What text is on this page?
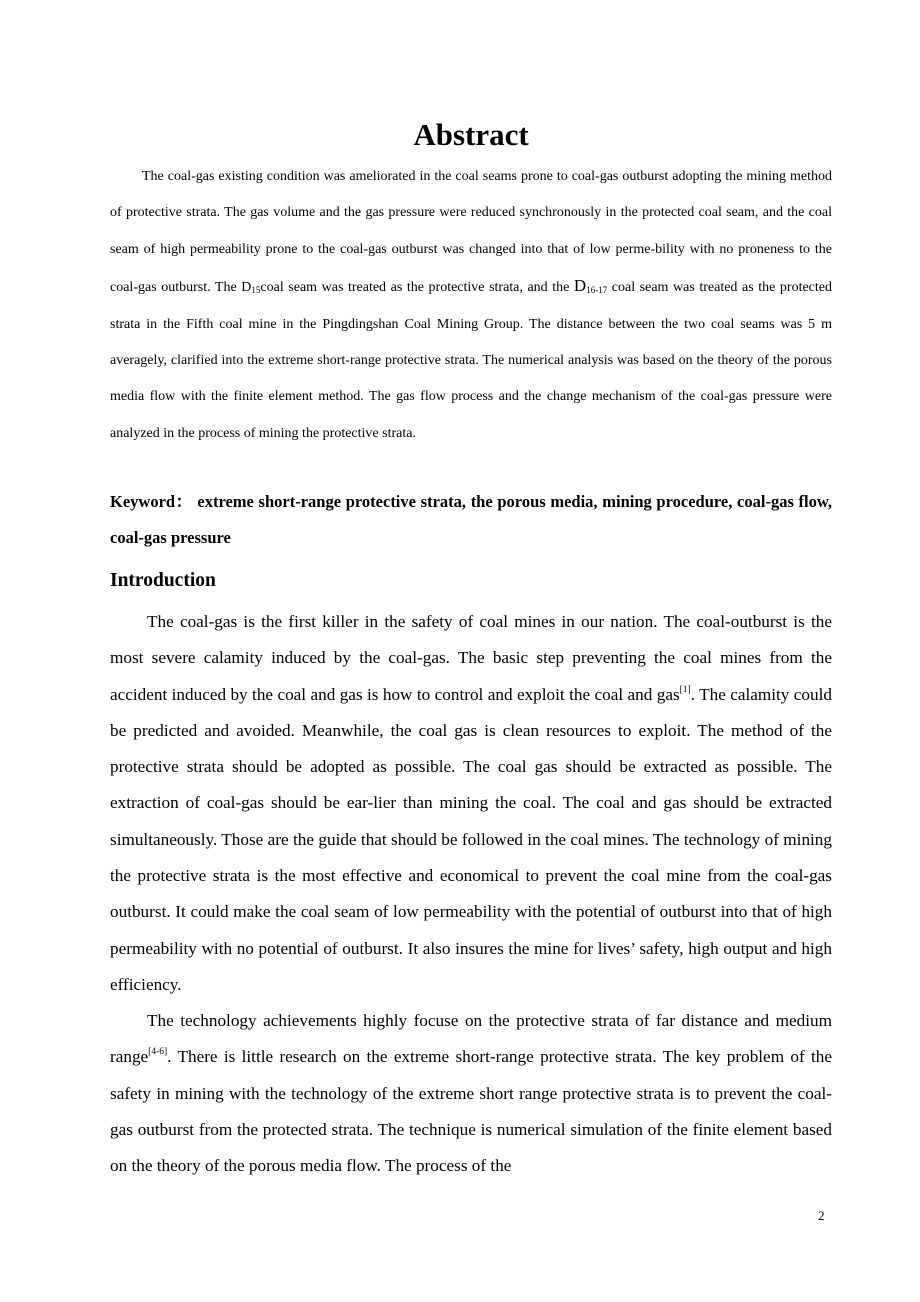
Abstract

The coal-gas existing condition was ameliorated in the coal seams prone to coal-gas outburst adopting the mining method of protective strata. The gas volume and the gas pressure were reduced synchronously in the protected coal seam, and the coal seam of high permeability prone to the coal-gas outburst was changed into that of low perme-bility with no proneness to the coal-gas outburst. The $D_{15}coal$ seam was treated as the protective strata, and the $D_{16-17}$ coal seam was treated as the protected strata in the Fifth coal mine in the Pingdingshan Coal Mining Group. The distance between the two coal seams was 5 m averagely, clarified into the extreme short-range protective strata. The numerical analysis was based on the theory of the porous media flow with the finite element method. The gas flow process and the change mechanism of the coal-gas pressure were analyzed in the process of mining the protective strata.

Keyword： extreme short-range protective strata, the porous media, mining procedure, coal-gas flow, coal-gas pressure

Introduction

The coal-gas is the first killer in the safety of coal mines in our nation. The coal-outburst is the most severe calamity induced by the coal-gas. The basic step preventing the coal mines from the accident induced by the coal and gas is how to control and exploit the coal and gas[1]. The calamity could be predicted and avoided. Meanwhile, the coal gas is clean resources to exploit. The method of the protective strata should be adopted as possible. The coal gas should be extracted as possible. The extraction of coal-gas should be ear-lier than mining the coal. The coal and gas should be extracted simultaneously. Those are the guide that should be followed in the coal mines. The technology of mining the protective strata is the most effective and economical to prevent the coal mine from the coal-gas outburst. It could make the coal seam of low permeability with the potential of outburst into that of high permeability with no potential of outburst. It also insures the mine for lives’ safety, high output and high efficiency.

The technology achievements highly focuse on the protective strata of far distance and medium range[4-6]. There is little research on the extreme short-range protective strata. The key problem of the safety in mining with the technology of the extreme short range protective strata is to prevent the coal-gas outburst from the protected strata. The technique is numerical simulation of the finite element based on the theory of the porous media flow. The process of the

2
